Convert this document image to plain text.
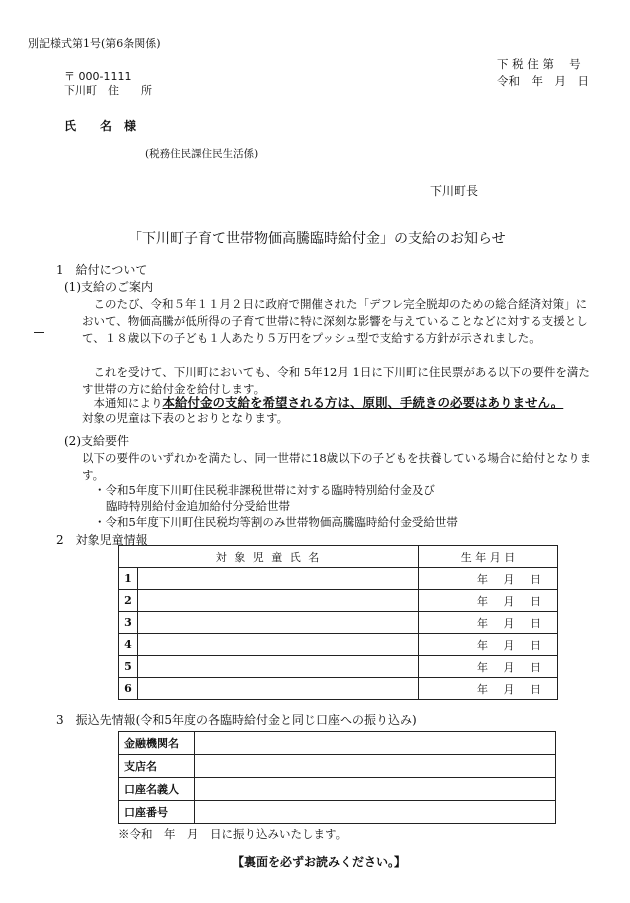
別記様式第1号(第6条関係)
下 税 住 第　 号
令和　年　月　日
〒 000-1111
下川町　住　　所
氏　　名　様
(税務住民課住民生活係)
下川町長
「下川町子育て世帯物価高騰臨時給付金」の支給のお知らせ
1　給付について
(1)支給のご案内
　このたび、令和５年１１月２日に政府で開催された「デフレ完全脱却のための総合経済対策」において、物価高騰が低所得の子育て世帯に特に深刻な影響を与えていることなどに対する支援として、１８歳以下の子ども１人あたり５万円をプッシュ型で支給する方針が示されました。
　これを受けて、下川町においても、令和 5年12月 1日に下川町に住民票がある以下の要件を満たす世帯の方に給付金を給付します。
　本通知により本給付金の支給を希望される方は、原則、手続きの必要はありません。
対象の児童は下表のとおりとなります。
(2)支給要件
以下の要件のいずれかを満たし、同一世帯に18歳以下の子どもを扶養している場合に給付となります。
・令和5年度下川町住民税非課税世帯に対する臨時特別給付金及び
臨時特別給付金追加給付分受給世帯
・令和5年度下川町住民税均等割のみ世帯物価高騰臨時給付金受給世帯
2　対象児童情報
対 象 児 童 氏 名		生 年 月 日
1		年 月 日
2		年 月 日
3		年 月 日
4		年 月 日
5		年 月 日
6		年 月 日
3　振込先情報(令和5年度の各臨時給付金と同じ口座への振り込み)
金融機関名	
支店名	
口座名義人	
口座番号	
※令和　年　月　日に振り込みいたします。
【裏面を必ずお読みください。】
